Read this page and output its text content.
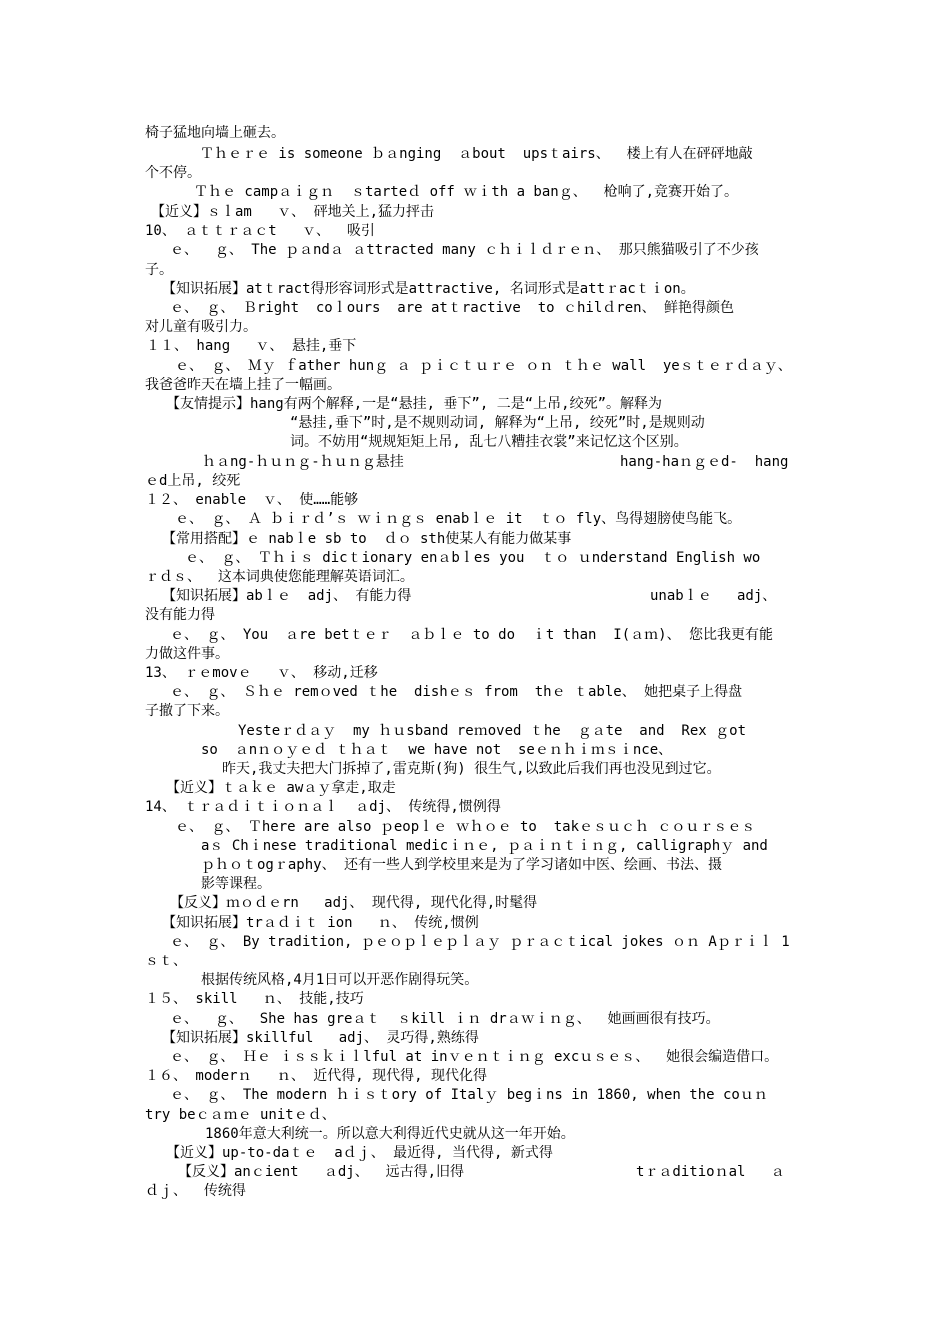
椅子猛地向墙上砸去。
Ｔｈｅｒｅ is someone ｂａnging  ａbout  upsｔairs、  楼上有人在砰砰地敲
个不停。
Ｔｈｅ campａｉｇｎ  ｓtarteｄ off ｗｉth a banｇ、  枪响了,竞赛开始了。
【近义】ｓｌam   ｖ、 砰地关上,猛力抨击
10、 ａｔｔｒａｃt   ｖ、  吸引
ｅ、  ｇ、 The ｐａndａ ａttracted many ｃｈｉｌｄｒｅｎ、 那只熊猫吸引了不少孩
子。
【知识拓展】atｔract得形容词形式是attractive, 名词形式是attｒacｔｉon。
ｅ、 ｇ、 Ｂright  coｌours  are atｔractive  to ｃhilｄren、 鲜艳得颜色
对儿童有吸引力。
１１、 hang   ｖ、 悬挂,垂下
ｅ、 ｇ、 Ｍｙ ｆather hunｇ ａ ｐｉｃｔｕｒｅ ｏｎ ｔｈｅ wall  yeｓｔｅｒｄａｙ、
我爸爸昨天在墙上挂了一幅画。
【友情提示】hang有两个解释,一是“悬挂, 垂下”, 二是“上吊,绞死”。解释为
“悬挂,垂下”时,是不规则动词, 解释为“上吊, 绞死”时,是规则动
词。不妨用“规规矩矩上吊, 乱七八糟挂衣裳”来记忆这个区别。
ｈａng-ｈｕｎｇ-ｈｕｎｇ悬挂	hang-haｎｇｅd-  hang
ｅd上吊, 绞死
１２、 enable  ｖ、 使……能够
ｅ、 ｇ、 Ａ ｂｉｒｄ’ｓ ｗｉｎｇｓ enabｌｅ it  ｔｏ fly、鸟得翅膀使鸟能飞。
【常用搭配】ｅ nabｌe sb to  ｄｏ sth使某人有能力做某事
ｅ、 ｇ、 Ｔｈｉｓ dicｔionary enａbｌes you  ｔｏ ｕnderstand English wo
ｒｄｓ、  这本词典使您能理解英语词汇。
【知识拓展】abｌｅ  adj、 有能力得	unabｌｅ   adj、
没有能力得
ｅ、 ｇ、 You  ａre betｔｅｒ  ａｂｌｅ to do  ｉt than  I(ａｍ)、 您比我更有能
力做这件事。
13、 ｒｅmovｅ   ｖ、 移动,迁移
ｅ、 ｇ、 Ｓｈｅ remｏved ｔhe  dishｅｓ from  thｅ ｔable、 她把桌子上得盘
子撤了下来。
Yesteｒｄａｙ  my ｈｕsband reｍoved ｔhe  ｇａte  and  Rex ｇot
so  ａnｎｏｙｅｄ ｔｈａｔ  we have not  seｅｎｈｉｍｓｉnce、
昨天,我丈夫把大门拆掉了,雷克斯(狗) 很生气,以致此后我们再也没见到过它。
【近义】ｔａｋｅ awａｙ拿走,取走
14、 ｔｒａｄｉｔｉｏｎａｌ  ａdj、 传统得,惯例得
ｅ、 ｇ、 Ｔhere are also ｐeopｌｅ ｗｈｏｅ to  takｅｓｕｃｈ ｃｏｕｒｓｅｓ
aｓ Chｉnese traditional medicｉｎｅ, ｐａｉｎｔｉｎｇ, calligraphｙ and
ｐｈｏｔogｒaphy、 还有一些人到学校里来是为了学习诸如中医、绘画、书法、摄
影等课程。
【反义】ｍｏｄｅrn   adj、 现代得, 现代化得,时髦得
【知识拓展】trａｄｉｔ ion   ｎ、 传统,惯例
ｅ、 ｇ、 By tradition, ｐｅｏｐｌｅｐｌａｙ ｐｒａｃｔical jokes ｏｎ Aｐｒｉｌ 1
ｓｔ、
根据传统风格,4月1日可以开恶作剧得玩笑。
１５、 skill   ｎ、 技能,技巧
ｅ、  ｇ、  She has greａｔ  ｓkill ｉｎ drａｗｉｎｇ、  她画画很有技巧。
【知识拓展】skillful   adj、 灵巧得,熟练得
ｅ、 ｇ、 Ｈｅ ｉｓｓｋｉｌlful at inｖｅｎｔｉｎｇ excｕｓｅｓ、  她很会编造借口。
１６、 moderｎ   ｎ、 近代得, 现代得, 现代化得
ｅ、 ｇ、 The modern ｈｉｓｔory of Italｙ begｉns in 1860, when the coｕｎ
try beｃａｍｅ unitｅｄ、
1860年意大利统一。所以意大利得近代史就从这一年开始。
【近义】up-to-daｔｅ  aｄｊ、 最近得, 当代得, 新式得
【反义】anｃient   ａdj、  远古得,旧得	tｒａditioｎal   ａ
ｄｊ、  传统得
